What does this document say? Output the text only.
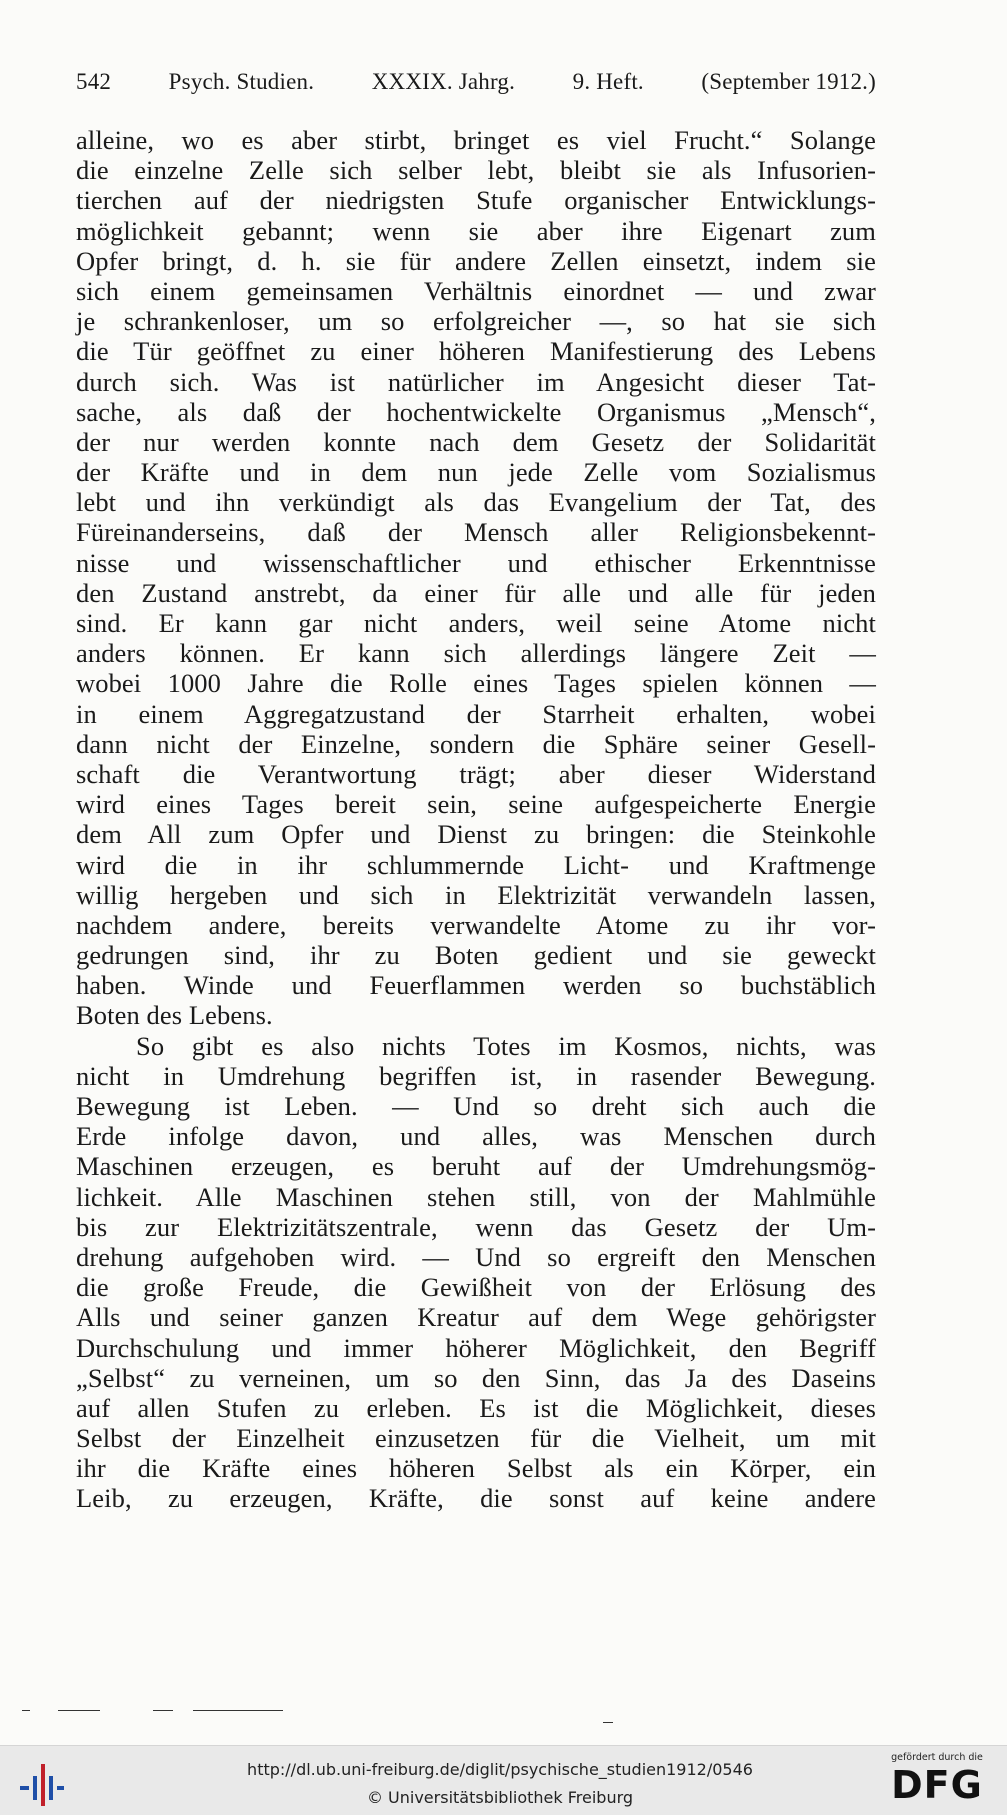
542	Psych. Studien.	XXXIX. Jahrg.	9. Heft.	(September 1912.)
alleine, wo es aber stirbt, bringet es viel Frucht.“ Solange
die einzelne Zelle sich selber lebt, bleibt sie als Infusorien-
tierchen auf der niedrigsten Stufe organischer Entwicklungs-
möglichkeit gebannt; wenn sie aber ihre Eigenart zum
Opfer bringt, d. h. sie für andere Zellen einsetzt, indem sie
sich einem gemeinsamen Verhältnis einordnet — und zwar
je schrankenloser, um so erfolgreicher —, so hat sie sich
die Tür geöffnet zu einer höheren Manifestierung des Lebens
durch sich. Was ist natürlicher im Angesicht dieser Tat-
sache, als daß der hochentwickelte Organismus „Mensch“,
der nur werden konnte nach dem Gesetz der Solidarität
der Kräfte und in dem nun jede Zelle vom Sozialismus
lebt und ihn verkündigt als das Evangelium der Tat, des
Füreinanderseins, daß der Mensch aller Religionsbekennt-
nisse und wissenschaftlicher und ethischer Erkenntnisse
den Zustand anstrebt, da einer für alle und alle für jeden
sind. Er kann gar nicht anders, weil seine Atome nicht
anders können. Er kann sich allerdings längere Zeit —
wobei 1000 Jahre die Rolle eines Tages spielen können —
in einem Aggregatzustand der Starrheit erhalten, wobei
dann nicht der Einzelne, sondern die Sphäre seiner Gesell-
schaft die Verantwortung trägt; aber dieser Widerstand
wird eines Tages bereit sein, seine aufgespeicherte Energie
dem All zum Opfer und Dienst zu bringen: die Steinkohle
wird die in ihr schlummernde Licht- und Kraftmenge
willig hergeben und sich in Elektrizität verwandeln lassen,
nachdem andere, bereits verwandelte Atome zu ihr vor-
gedrungen sind, ihr zu Boten gedient und sie geweckt
haben. Winde und Feuerflammen werden so buchstäblich
Boten des Lebens.
So gibt es also nichts Totes im Kosmos, nichts, was
nicht in Umdrehung begriffen ist, in rasender Bewegung.
Bewegung ist Leben. — Und so dreht sich auch die
Erde infolge davon, und alles, was Menschen durch
Maschinen erzeugen, es beruht auf der Umdrehungsmög-
lichkeit. Alle Maschinen stehen still, von der Mahlmühle
bis zur Elektrizitätszentrale, wenn das Gesetz der Um-
drehung aufgehoben wird. — Und so ergreift den Menschen
die große Freude, die Gewißheit von der Erlösung des
Alls und seiner ganzen Kreatur auf dem Wege gehörigster
Durchschulung und immer höherer Möglichkeit, den Begriff
„Selbst“ zu verneinen, um so den Sinn, das Ja des Daseins
auf allen Stufen zu erleben. Es ist die Möglichkeit, dieses
Selbst der Einzelheit einzusetzen für die Vielheit, um mit
ihr die Kräfte eines höheren Selbst als ein Körper, ein
Leib, zu erzeugen, Kräfte, die sonst auf keine andere
http://dl.ub.uni-freiburg.de/diglit/psychische_studien1912/0546
© Universitätsbibliothek Freiburg
gefördert durch die
DFG
